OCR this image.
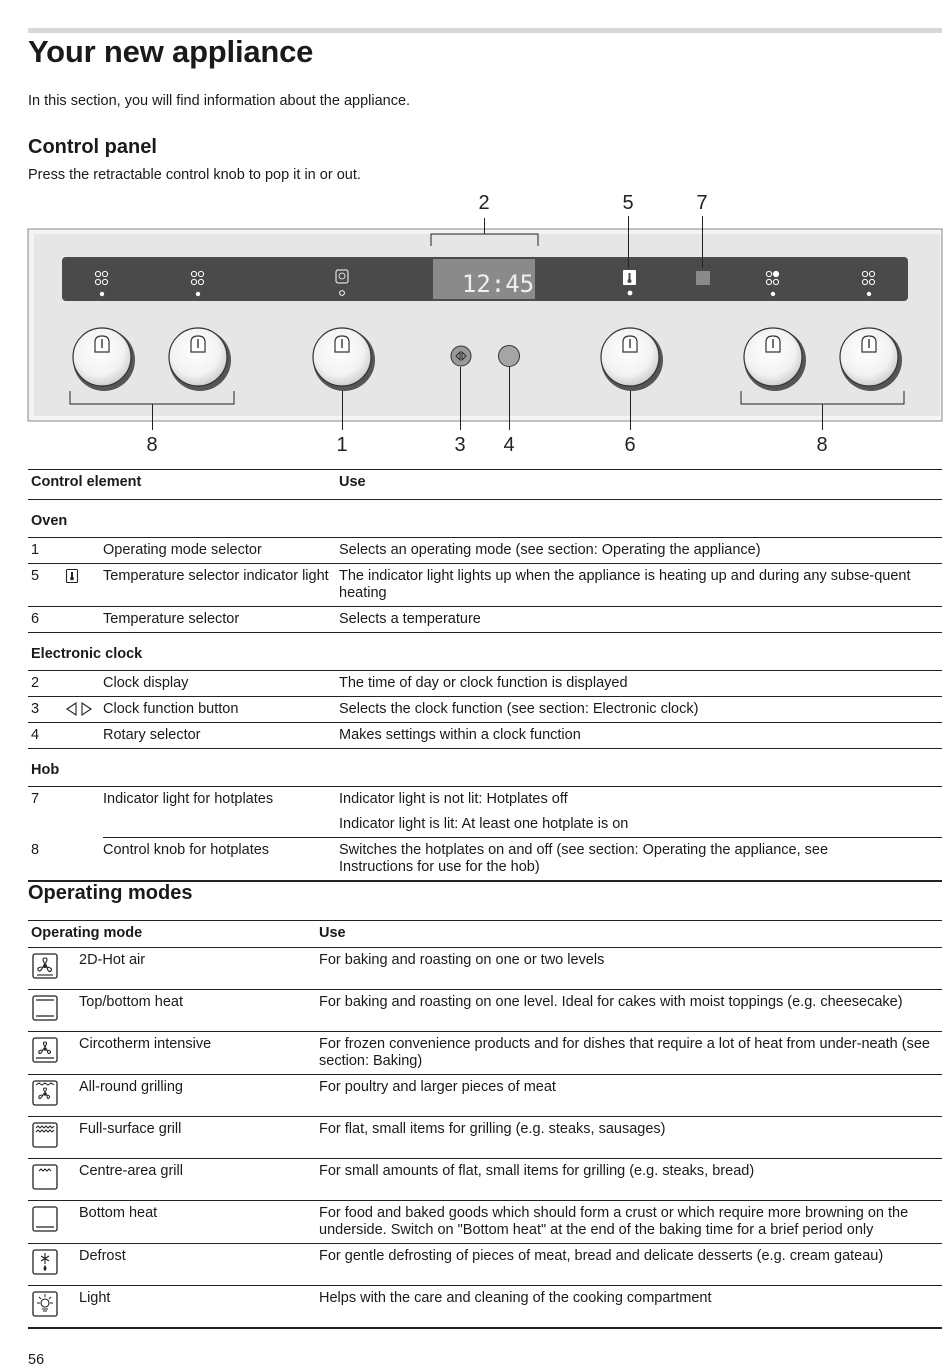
Your new appliance
In this section, you will find information about the appliance.
Control panel
Press the retractable control knob to pop it in or out.
12:45
2	5	7
8	1	3 4	6	8
Control element			Use
Oven			
1		Operating mode selector	Selects an operating mode (see section: Operating the appliance)
5		Temperature selector indicator light	The indicator light lights up when the appliance is heating up and during any subse-quent heating
6		Temperature selector	Selects a temperature
Electronic clock			
2		Clock display	The time of day or clock function is displayed
3		Clock function button	Selects the clock function (see section: Electronic clock)
4		Rotary selector	Makes settings within a clock function
Hob			
7		Indicator light for hotplates	Indicator light is not lit: Hotplates off
			Indicator light is lit: At least one hotplate is on
8		Control knob for hotplates	Switches the hotplates on and off (see section: Operating the appliance, see Instructions for use for the hob)
Operating modes
Operating mode		Use
	2D-Hot air	For baking and roasting on one or two levels
	Top/bottom heat	For baking and roasting on one level. Ideal for cakes with moist toppings (e.g. cheesecake)
	Circotherm intensive	For frozen convenience products and for dishes that require a lot of heat from under-neath (see section: Baking)
	All-round grilling	For poultry and larger pieces of meat
	Full-surface grill	For flat, small items for grilling (e.g. steaks, sausages)
	Centre-area grill	For small amounts of flat, small items for grilling (e.g. steaks, bread)
	Bottom heat	For food and baked goods which should form a crust or which require more browning on the underside. Switch on "Bottom heat" at the end of the baking time for a brief period only
	Defrost	For gentle defrosting of pieces of meat, bread and delicate desserts (e.g. cream gateau)
	Light	Helps with the care and cleaning of the cooking compartment
56
